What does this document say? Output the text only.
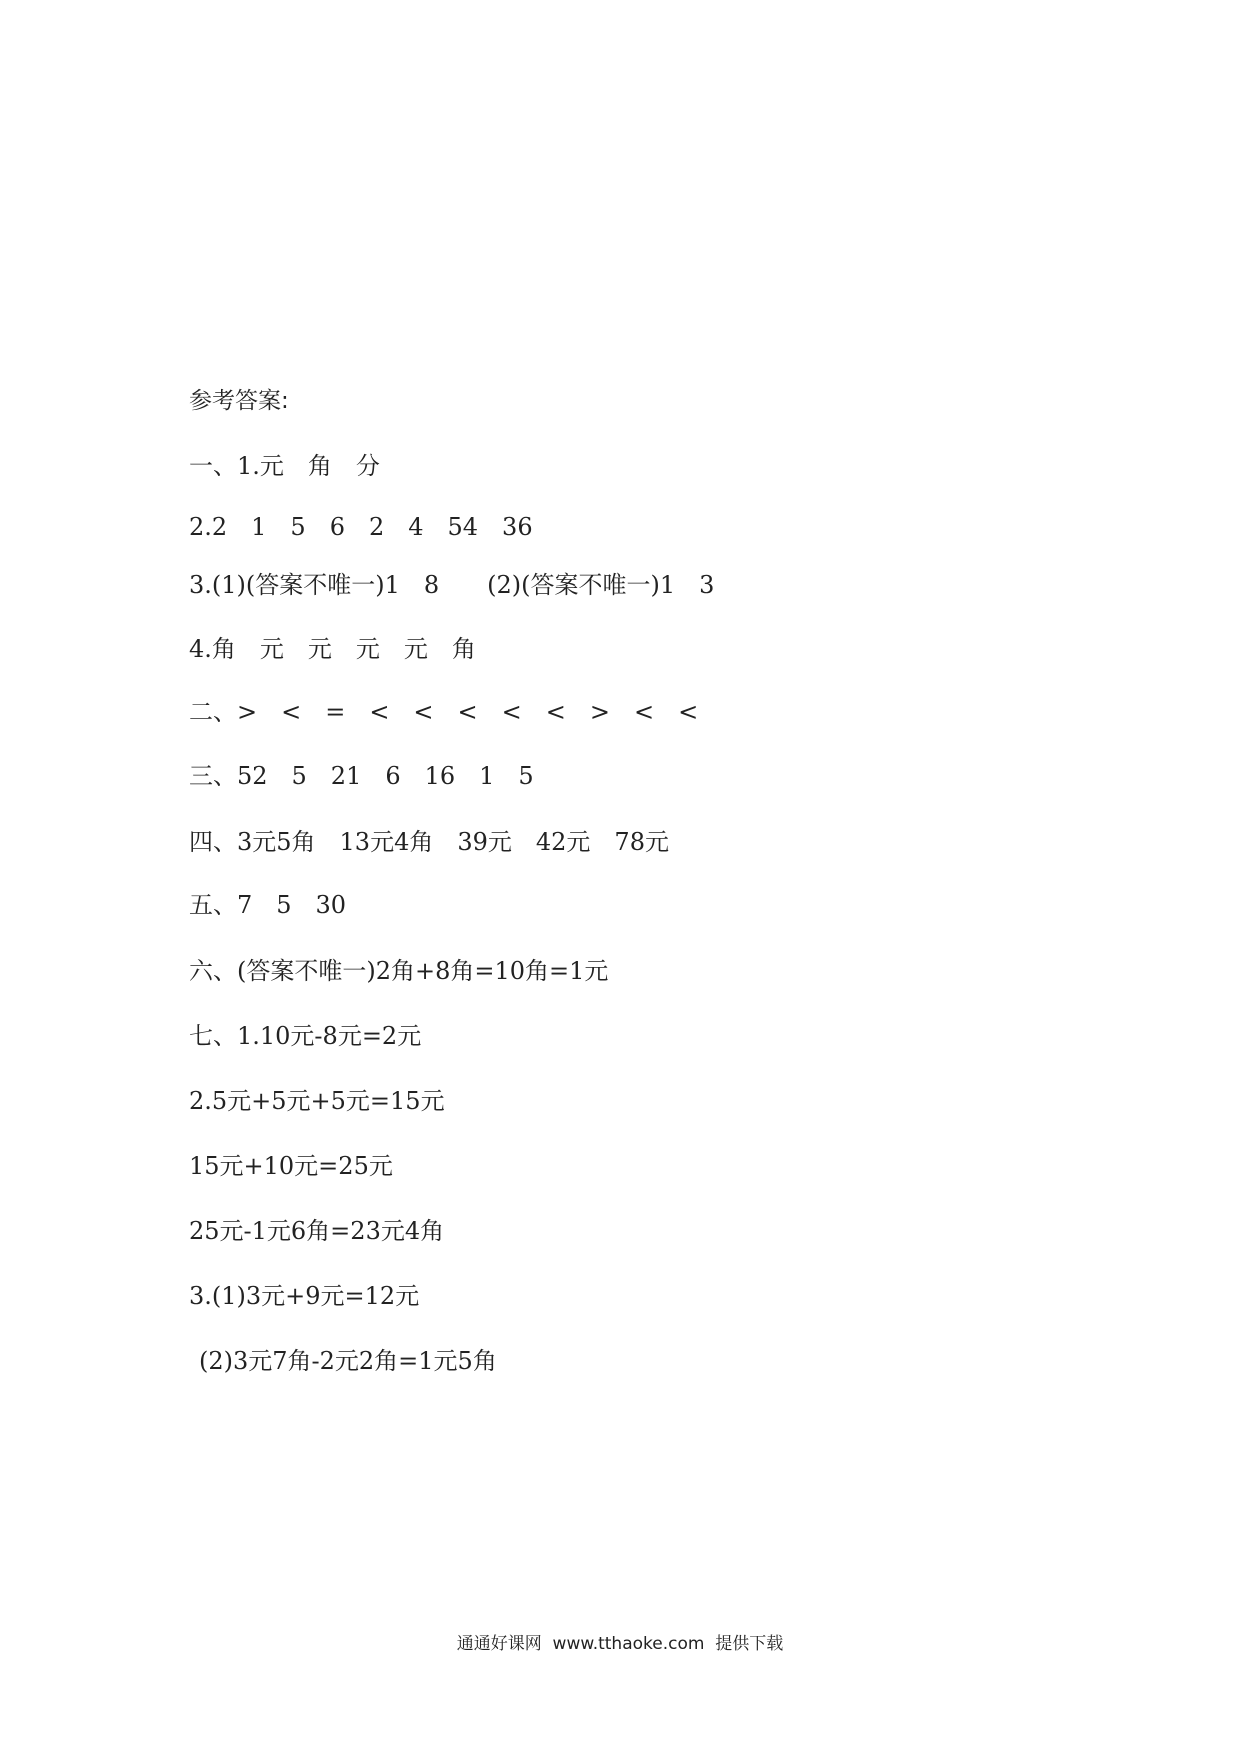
参考答案:
一、1.元　角　分
2.2　1　5　6　2　4　54　36
3.(1)(答案不唯一)1　8　　(2)(答案不唯一)1　3
4.角　元　元　元　元　角
二、>　<　=　<　<　<　<　<　>　<　<
三、52　5　21　6　16　1　5
四、3元5角　13元4角　39元　42元　78元
五、7　5　30
六、(答案不唯一)2角+8角=10角=1元
七、1.10元-8元=2元
2.5元+5元+5元=15元
15元+10元=25元
25元-1元6角=23元4角
3.(1)3元+9元=12元
(2)3元7角-2元2角=1元5角
通通好课网  www.tthaoke.com  提供下载
